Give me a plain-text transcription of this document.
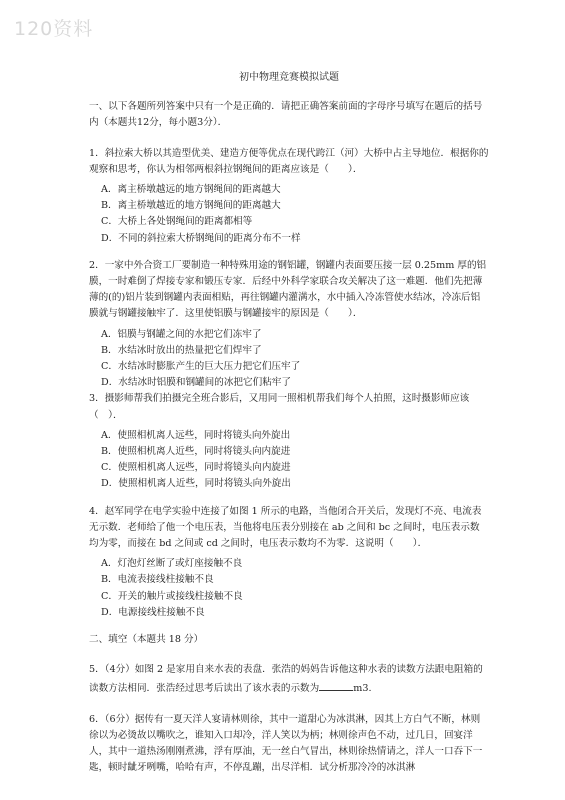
120资料
初中物理竞赛模拟试题
一、以下各题所列答案中只有一个是正确的．请把正确答案前面的字母序号填写在题后的括号内（本题共12分，每小题3分）．
1．斜拉索大桥以其造型优美、建造方便等优点在现代跨江（河）大桥中占主导地位．根据你的观察和思考，你认为相邻两根斜拉钢绳间的距离应该是（　　）．
A．离主桥墩越远的地方钢绳间的距离越大
B．离主桥墩越近的地方钢绳间的距离越大
C．大桥上各处钢绳间的距离都相等
D．不同的斜拉索大桥钢绳间的距离分布不一样
2．一家中外合资工厂要制造一种特殊用途的钢铝罐，钢罐内表面要压接一层 0.25mm 厚的铝膜，一时难倒了焊接专家和锻压专家．后经中外科学家联合攻关解决了这一难题．他们先把薄薄的(的)铝片装到钢罐内表面相贴，再往钢罐内灌满水，水中插入冷冻管使水结冰，冷冻后铝膜就与钢罐接触牢了．这里使铝膜与钢罐接牢的原因是（　　）．
A．铝膜与钢罐之间的水把它们冻牢了
B．水结冰时放出的热量把它们焊牢了
C．水结冰时膨胀产生的巨大压力把它们压牢了
D．水结冰时铝膜和钢罐间的冰把它们粘牢了
3．摄影师帮我们拍摄完全班合影后，又用同一照相机帮我们每个人拍照，这时摄影师应该（　）．
A．使照相机离人远些，同时将镜头向外旋出
B．使照相机离人近些，同时将镜头向内旋进
C．使照相机离人远些，同时将镜头向内旋进
D．使照相机离人近些，同时将镜头向外旋出
4．赵军同学在电学实验中连接了如图 1 所示的电路，当他闭合开关后，发现灯不亮、电流表无示数．老师给了他一个电压表，当他将电压表分别接在 ab 之间和 bc 之间时，电压表示数均为零，而接在 bd 之间或 cd 之间时，电压表示数均不为零．这说明（　　）．
A．灯泡灯丝断了或灯座接触不良
B．电流表接线柱接触不良
C．开关的触片或接线柱接触不良
D．电源接线柱接触不良
二、填空（本题共 18 分）
5．（4分）如图 2 是家用自来水表的表盘．张浩的妈妈告诉他这种水表的读数方法跟电阻箱的读数方法相同．张浩经过思考后读出了该水表的示数为	m3.
6．（6分）据传有一夏天洋人宴请林则徐，其中一道甜心为冰淇淋，因其上方白气不断，林则徐以为必烫故以嘴吹之，谁知入口却冷，洋人笑以为柄；林则徐声色不动，过几日，回宴洋人，其中一道热汤刚刚煮沸，浮有厚油，无一丝白气冒出，林则徐热情请之，洋人一口吞下一匙，顿时龇牙咧嘴，哈哈有声，不停乱蹦，出尽洋相．试分析那冷冷的冰淇淋
